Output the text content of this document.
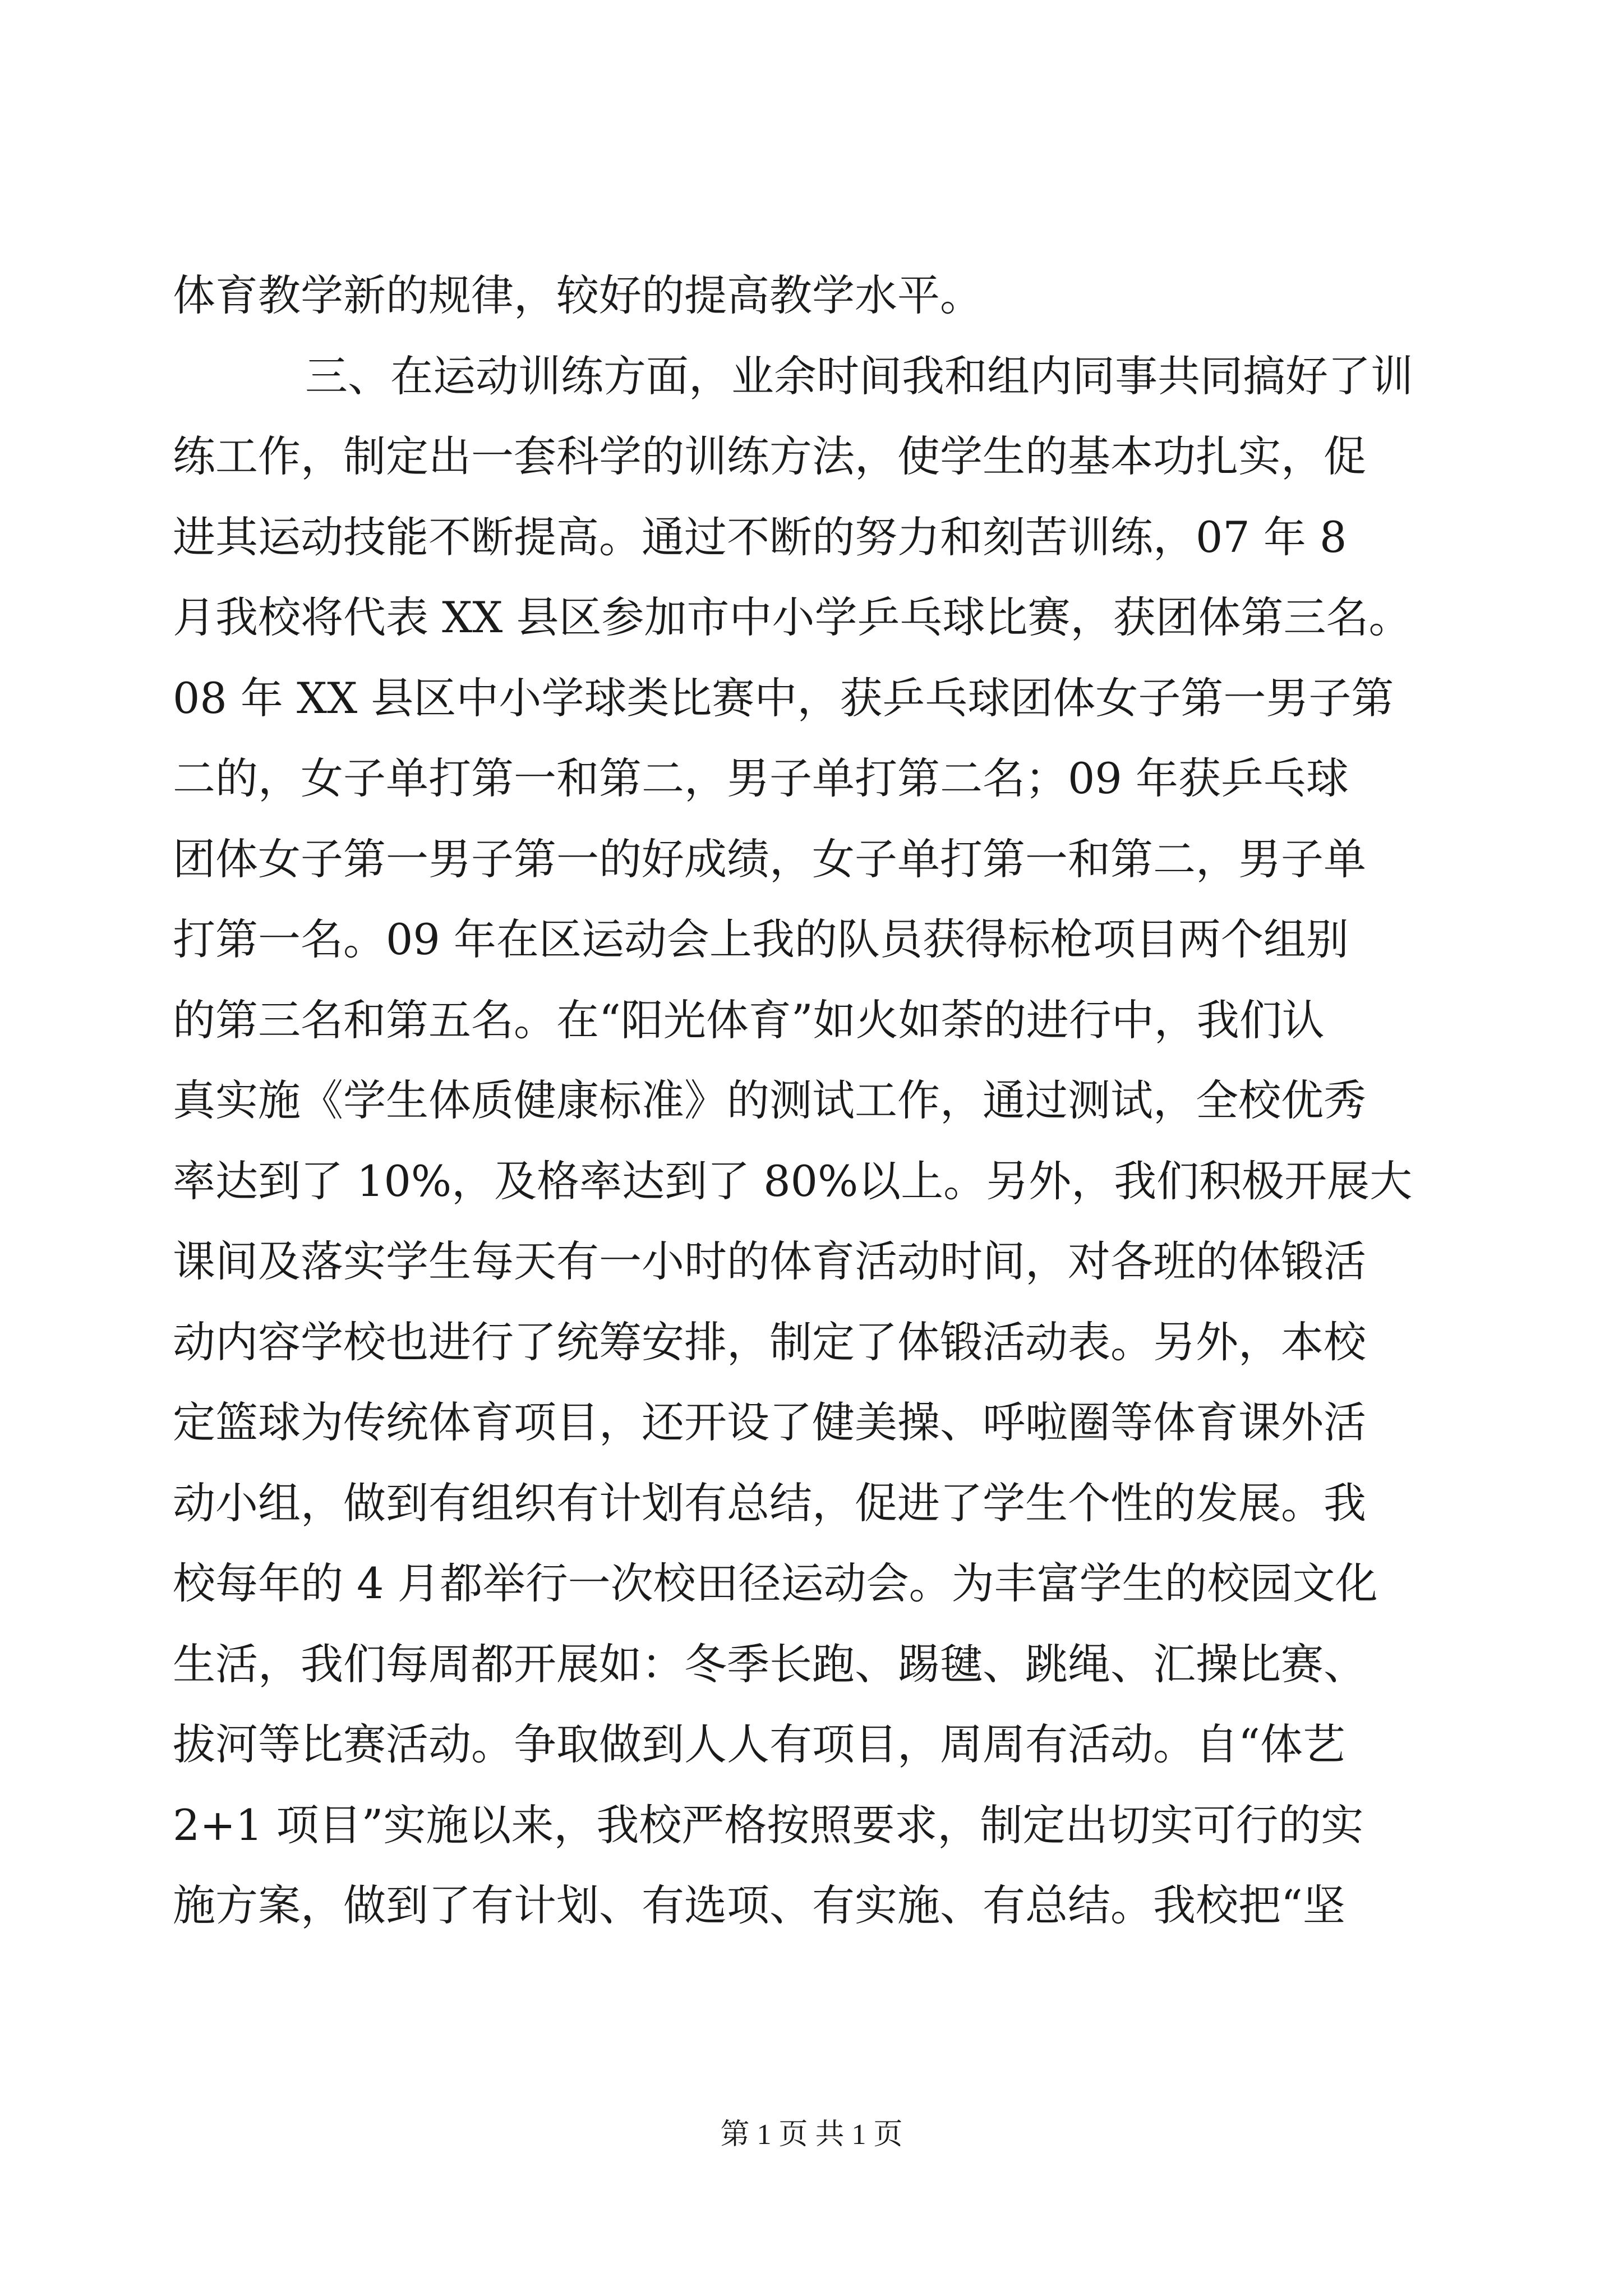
体育教学新的规律，较好的提高教学水平。
三、在运动训练方面，业余时间我和组内同事共同搞好了训
练工作，制定出一套科学的训练方法，使学生的基本功扎实，促
进其运动技能不断提高。通过不断的努力和刻苦训练，07 年 8
月我校将代表 XX 县区参加市中小学乒乓球比赛，获团体第三名。
08 年 XX 县区中小学球类比赛中，获乒乓球团体女子第一男子第
二的，女子单打第一和第二，男子单打第二名；09 年获乒乓球
团体女子第一男子第一的好成绩，女子单打第一和第二，男子单
打第一名。09 年在区运动会上我的队员获得标枪项目两个组别
的第三名和第五名。在“阳光体育”如火如荼的进行中，我们认
真实施《学生体质健康标准》的测试工作，通过测试，全校优秀
率达到了 10%，及格率达到了 80%以上。另外，我们积极开展大
课间及落实学生每天有一小时的体育活动时间，对各班的体锻活
动内容学校也进行了统筹安排，制定了体锻活动表。另外，本校
定篮球为传统体育项目，还开设了健美操、呼啦圈等体育课外活
动小组，做到有组织有计划有总结，促进了学生个性的发展。我
校每年的 4 月都举行一次校田径运动会。为丰富学生的校园文化
生活，我们每周都开展如：冬季长跑、踢毽、跳绳、汇操比赛、
拔河等比赛活动。争取做到人人有项目，周周有活动。自“体艺
2+1 项目”实施以来，我校严格按照要求，制定出切实可行的实
施方案，做到了有计划、有选项、有实施、有总结。我校把“坚
第 1 页 共 1 页
